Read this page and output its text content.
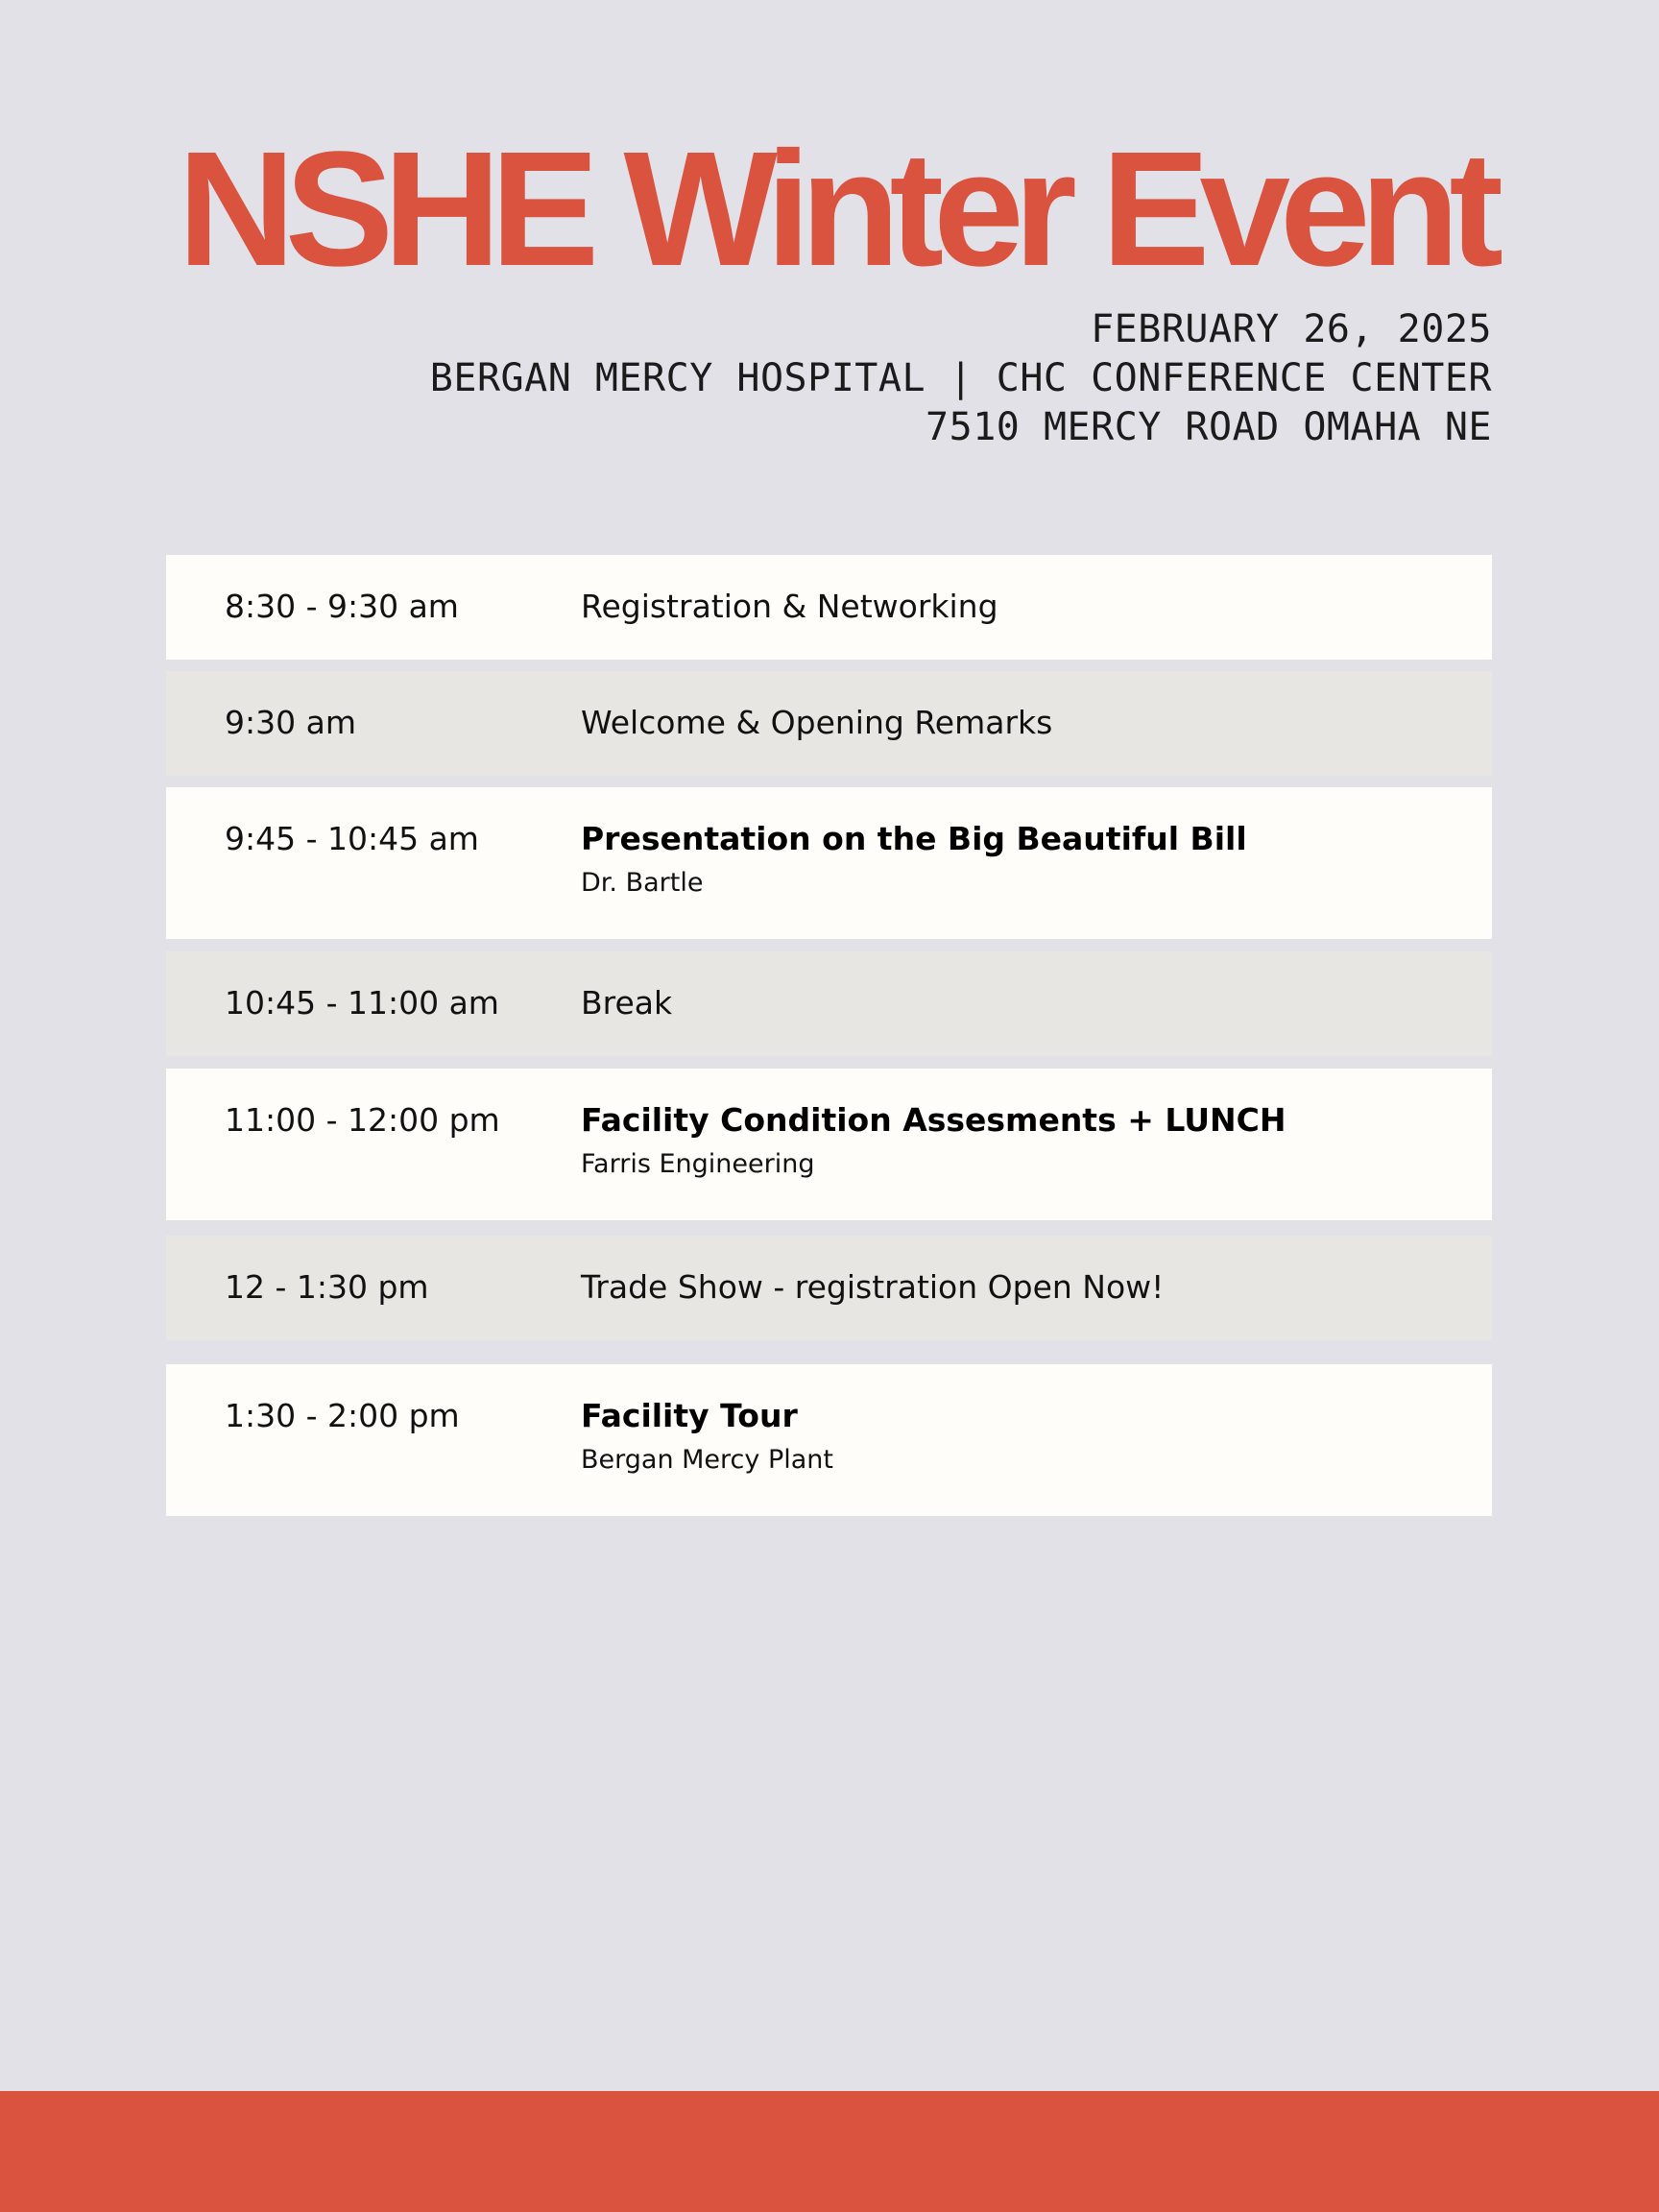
NSHE Winter Event
FEBRUARY 26, 2025
BERGAN MERCY HOSPITAL | CHC CONFERENCE CENTER
7510 MERCY ROAD OMAHA NE
8:30 - 9:30 am	Registration & Networking
9:30 am	Welcome & Opening Remarks
9:45 - 10:45 am	Presentation on the Big Beautiful Bill
Dr. Bartle
10:45 - 11:00 am	Break
11:00 - 12:00 pm	Facility Condition Assesments + LUNCH
Farris Engineering
12 - 1:30 pm	Trade Show - registration Open Now!
1:30 - 2:00 pm	Facility Tour
Bergan Mercy Plant
